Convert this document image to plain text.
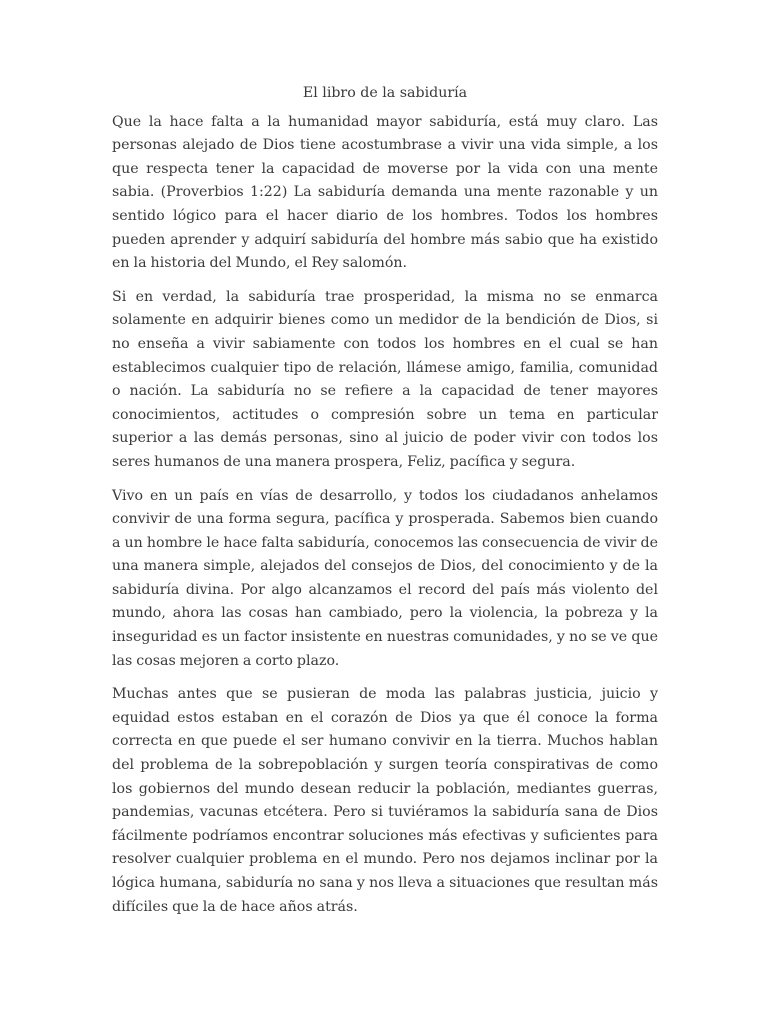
El libro de la sabiduría

Que la hace falta a la humanidad mayor sabiduría, está muy claro. Las personas alejado de Dios tiene acostumbrase a vivir una vida simple, a los que respecta tener la capacidad de moverse por la vida con una mente sabia. (Proverbios 1:22) La sabiduría demanda una mente razonable y un sentido lógico para el hacer diario de los hombres. Todos los hombres pueden aprender y adquirí sabiduría del hombre más sabio que ha existido en la historia del Mundo, el Rey salomón.

Si en verdad, la sabiduría trae prosperidad, la misma no se enmarca solamente en adquirir bienes como un medidor de la bendición de Dios, si no enseña a vivir sabiamente con todos los hombres en el cual se han establecimos cualquier tipo de relación, llámese amigo, familia, comunidad o nación. La sabiduría no se refiere a la capacidad de tener mayores conocimientos, actitudes o compresión sobre un tema en particular superior a las demás personas, sino al juicio de poder vivir con todos los seres humanos de una manera prospera, Feliz, pacífica y segura.

Vivo en un país en vías de desarrollo, y todos los ciudadanos anhelamos convivir de una forma segura, pacífica y prosperada. Sabemos bien cuando a un hombre le hace falta sabiduría, conocemos las consecuencia de vivir de una manera simple, alejados del consejos de Dios, del conocimiento y de la sabiduría divina. Por algo alcanzamos el record del país más violento del mundo, ahora las cosas han cambiado, pero la violencia, la pobreza y la inseguridad es un factor insistente en nuestras comunidades, y no se ve que las cosas mejoren a corto plazo.

Muchas antes que se pusieran de moda las palabras justicia, juicio y equidad estos estaban en el corazón de Dios ya que él conoce la forma correcta en que puede el ser humano convivir en la tierra. Muchos hablan del problema de la sobrepoblación y surgen teoría conspirativas de como los gobiernos del mundo desean reducir la población, mediantes guerras, pandemias, vacunas etcétera. Pero si tuviéramos la sabiduría sana de Dios fácilmente podríamos encontrar soluciones más efectivas y suficientes para resolver cualquier problema en el mundo. Pero nos dejamos inclinar por la lógica humana, sabiduría no sana y nos lleva a situaciones que resultan más difíciles que la de hace años atrás.
